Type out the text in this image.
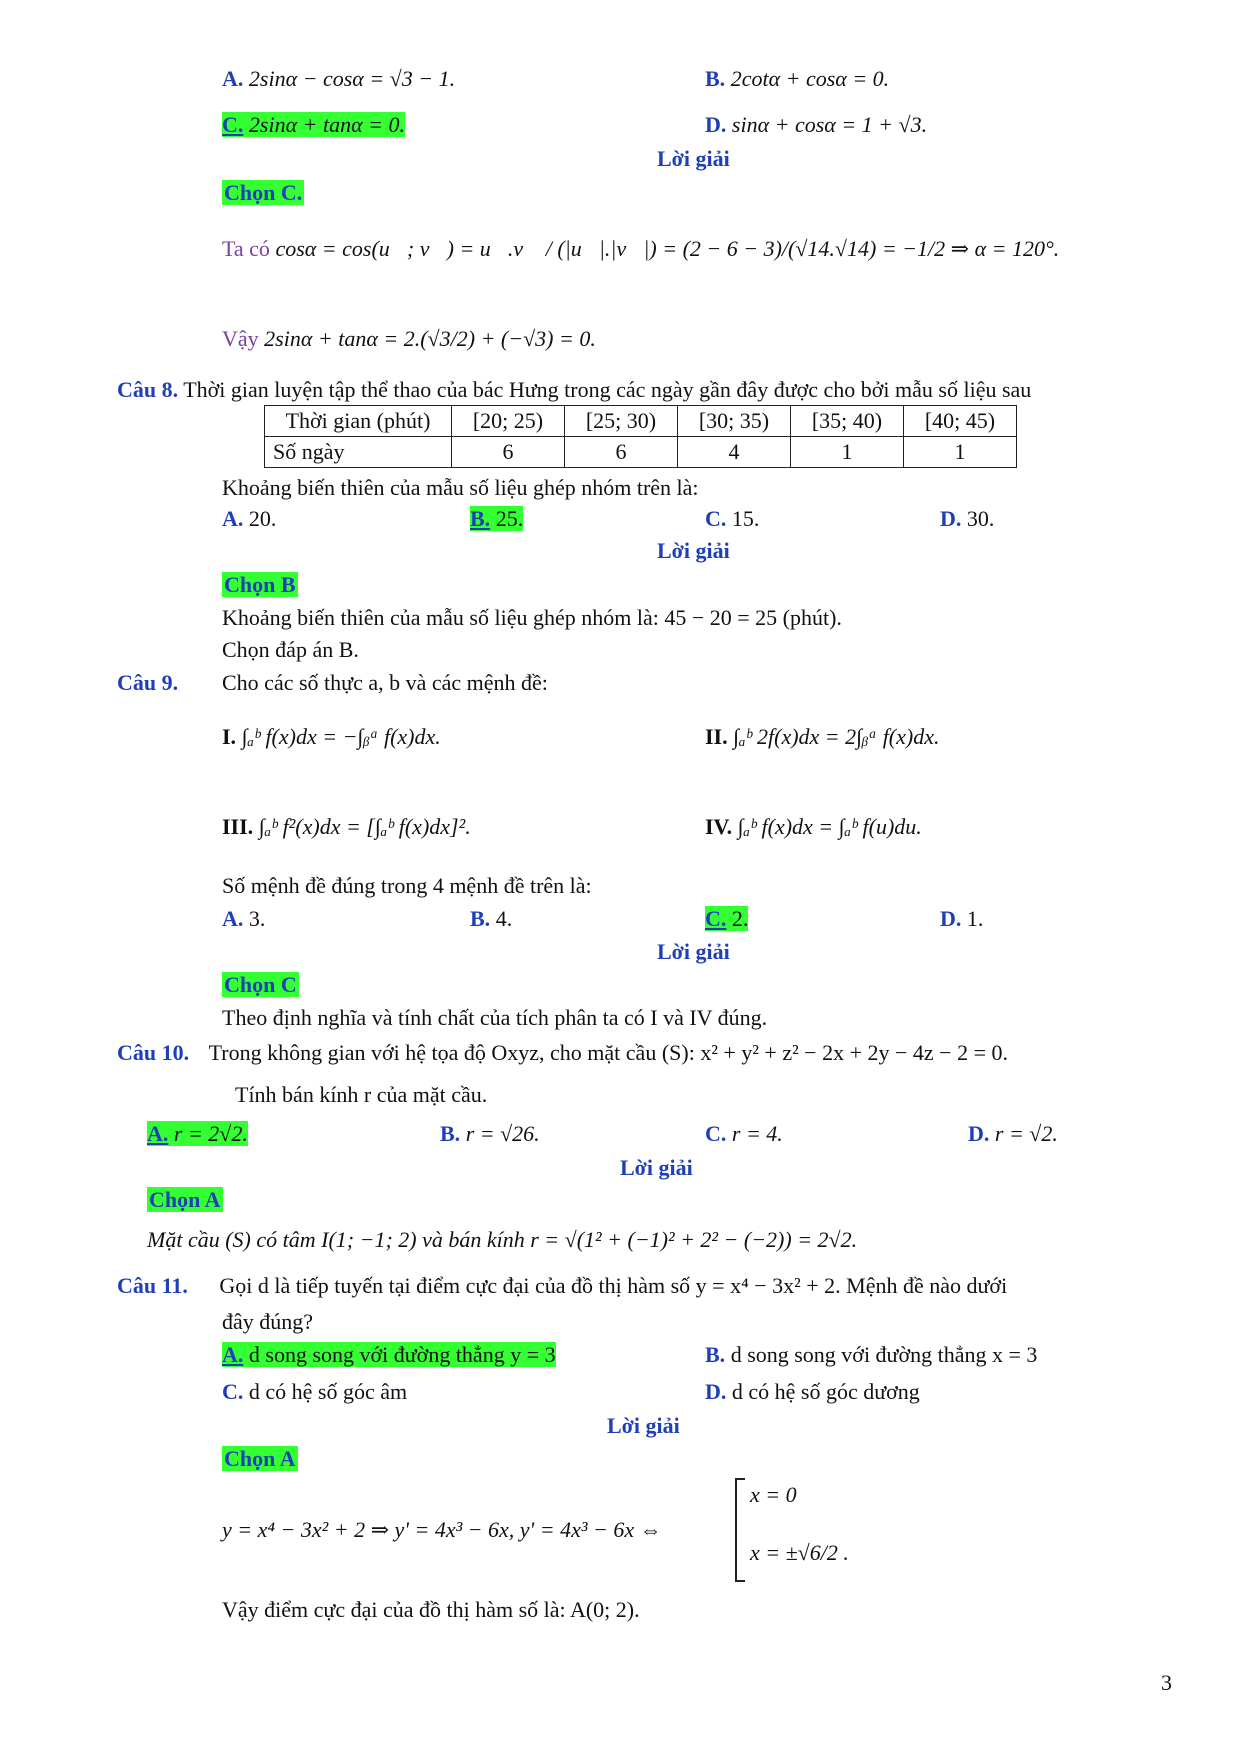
A. 2sinα − cosα = √3 − 1.	B. 2cotα + cosα = 0.
C. 2sinα + tanα = 0.	D. sinα + cosα = 1 + √3.
Lời giải
Chọn C.
Ta có cosα = cos(u⃗; v⃗) = u⃗.v⃗ / (|u⃗|.|v⃗|) = (2 − 6 − 3)/(√14.√14) = −1/2 ⇒ α = 120°.
Vậy 2sinα + tanα = 2.(√3/2) + (−√3) = 0.
Câu 8. Thời gian luyện tập thể thao của bác Hưng trong các ngày gần đây được cho bởi mẫu số liệu sau
Thời gian (phút)	[20; 25)	[25; 30)	[30; 35)	[35; 40)	[40; 45)
Số ngày	6	6	4	1	1
Khoảng biến thiên của mẫu số liệu ghép nhóm trên là:
A. 20.	B. 25.	C. 15.	D. 30.
Lời giải
Chọn B
Khoảng biến thiên của mẫu số liệu ghép nhóm là: 45 − 20 = 25 (phút).
Chọn đáp án B.
Câu 9. Cho các số thực a, b và các mệnh đề:
I. ∫ₐᵇ f(x)dx = −∫ᵦᵃ f(x)dx.	II. ∫ₐᵇ 2f(x)dx = 2∫ᵦᵃ f(x)dx.
III. ∫ₐᵇ f²(x)dx = [∫ₐᵇ f(x)dx]².	IV. ∫ₐᵇ f(x)dx = ∫ₐᵇ f(u)du.
Số mệnh đề đúng trong 4 mệnh đề trên là:
A. 3.	B. 4.	C. 2.	D. 1.
Lời giải
Chọn C
Theo định nghĩa và tính chất của tích phân ta có I và IV đúng.
Câu 10. Trong không gian với hệ tọa độ Oxyz, cho mặt cầu (S): x² + y² + z² − 2x + 2y − 4z − 2 = 0.
Tính bán kính r của mặt cầu.
A. r = 2√2.	B. r = √26.	C. r = 4.	D. r = √2.
Lời giải
Chọn A
Mặt cầu (S) có tâm I(1; −1; 2) và bán kính r = √(1² + (−1)² + 2² − (−2)) = 2√2.
Câu 11. Gọi d là tiếp tuyến tại điểm cực đại của đồ thị hàm số y = x⁴ − 3x² + 2. Mệnh đề nào dưới
đây đúng?
A. d song song với đường thẳng y = 3	B. d song song với đường thẳng x = 3
C. d có hệ số góc âm	D. d có hệ số góc dương
Lời giải
Chọn A
y = x⁴ − 3x² + 2 ⇒ y' = 4x³ − 6x, y' = 4x³ − 6x ⇔
x = 0
x = ±√6/2 .
Vậy điểm cực đại của đồ thị hàm số là: A(0; 2).
3
